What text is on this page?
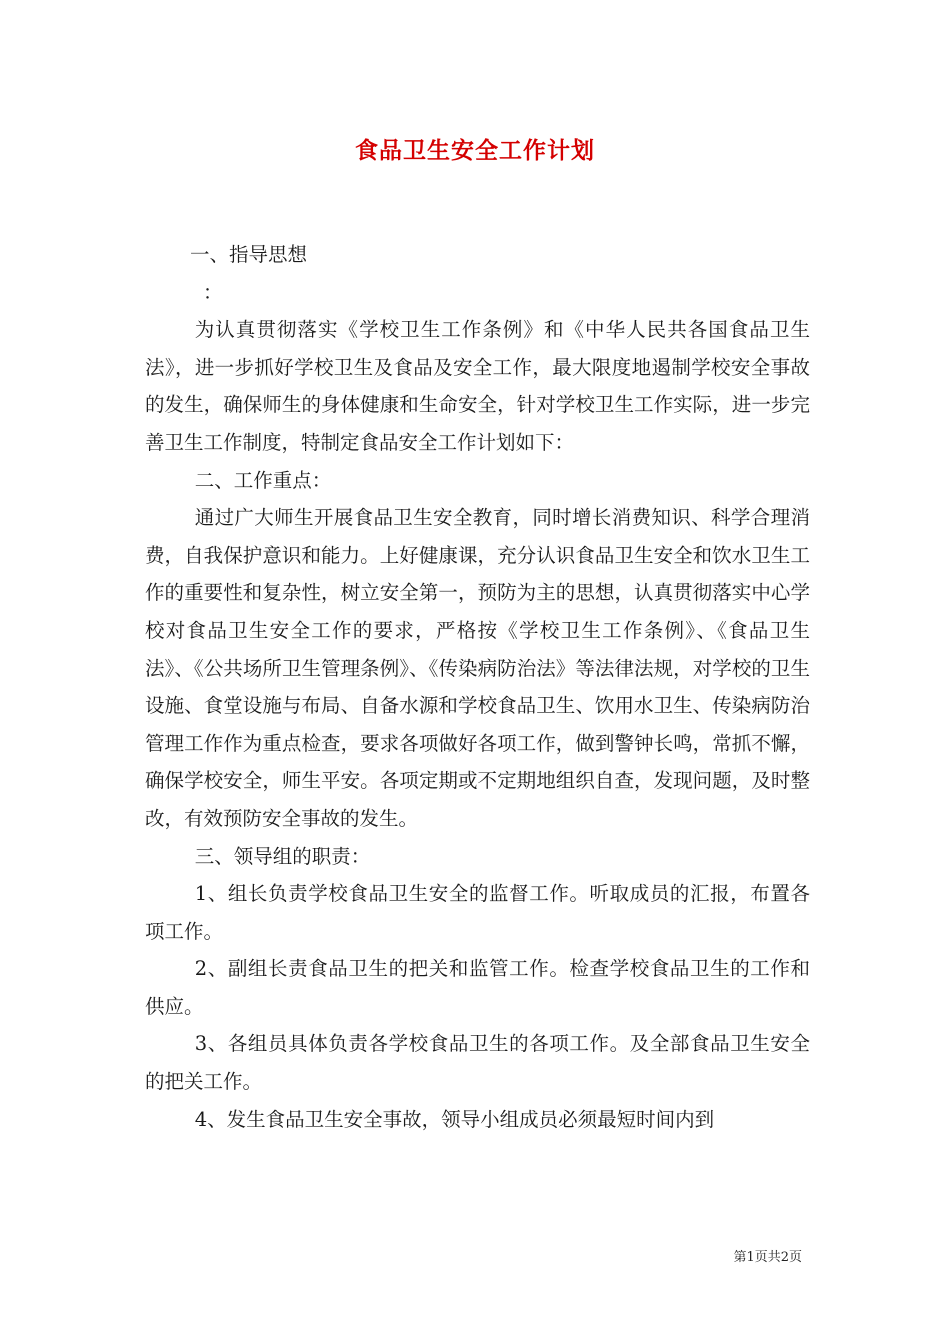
食品卫生安全工作计划

一、指导思想

：

为认真贯彻落实《学校卫生工作条例》和《中华人民共各国食品卫生法》，进一步抓好学校卫生及食品及安全工作，最大限度地遏制学校安全事故的发生，确保师生的身体健康和生命安全，针对学校卫生工作实际，进一步完善卫生工作制度，特制定食品安全工作计划如下：

二、工作重点：

通过广大师生开展食品卫生安全教育，同时增长消费知识、科学合理消费，自我保护意识和能力。上好健康课，充分认识食品卫生安全和饮水卫生工作的重要性和复杂性，树立安全第一，预防为主的思想，认真贯彻落实中心学校对食品卫生安全工作的要求，严格按《学校卫生工作条例》、《食品卫生法》、《公共场所卫生管理条例》、《传染病防治法》等法律法规，对学校的卫生设施、食堂设施与布局、自备水源和学校食品卫生、饮用水卫生、传染病防治管理工作作为重点检查，要求各项做好各项工作，做到警钟长鸣，常抓不懈，确保学校安全，师生平安。各项定期或不定期地组织自查，发现问题，及时整改，有效预防安全事故的发生。

三、领导组的职责：

1、组长负责学校食品卫生安全的监督工作。听取成员的汇报，布置各项工作。

2、副组长责食品卫生的把关和监管工作。检查学校食品卫生的工作和供应。

3、各组员具体负责各学校食品卫生的各项工作。及全部食品卫生安全的把关工作。

4、发生食品卫生安全事故，领导小组成员必须最短时间内到

第1页共2页
